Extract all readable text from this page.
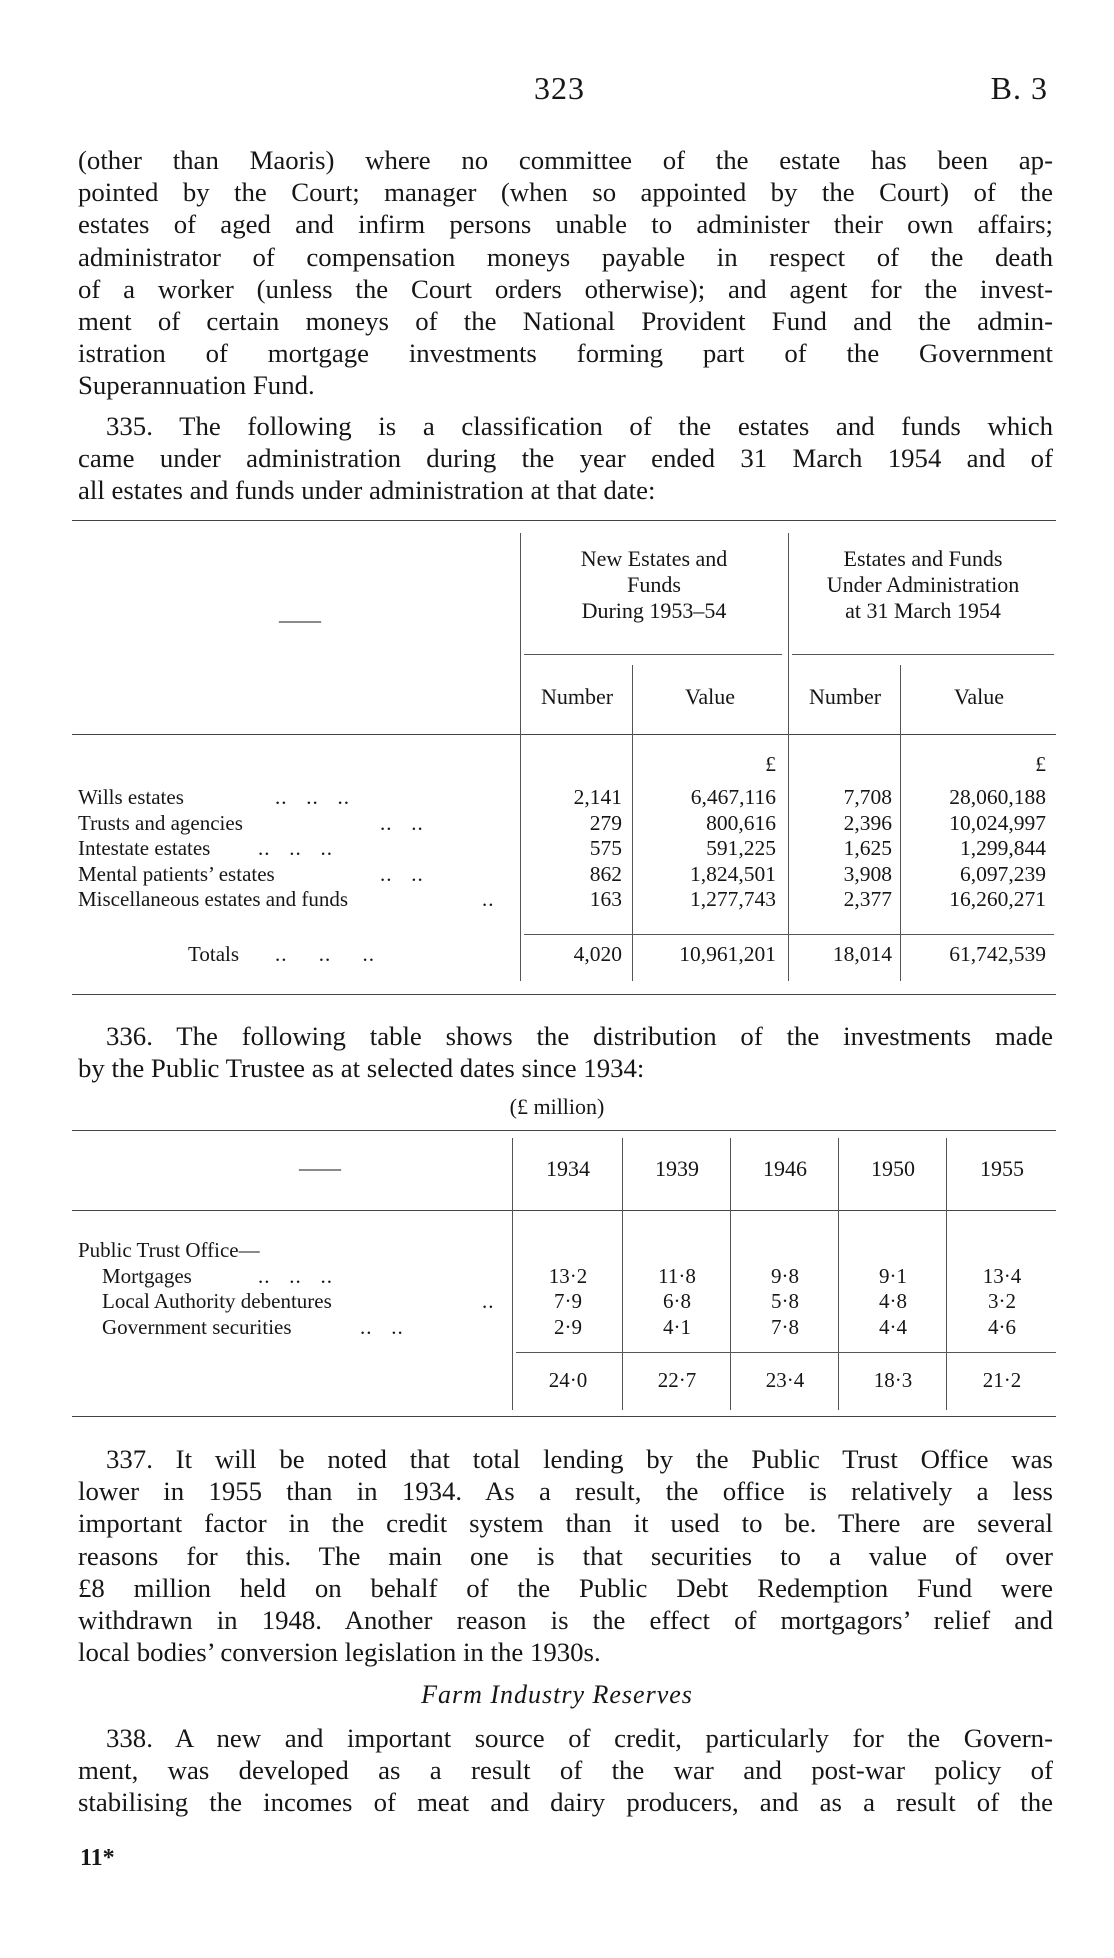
323	B. 3

(other than Maoris) where no committee of the estate has been ap-
pointed by the Court; manager (when so appointed by the Court) of the
estates of aged and infirm persons unable to administer their own affairs;
administrator of compensation moneys payable in respect of the death
of a worker (unless the Court orders otherwise); and agent for the invest-
ment of certain moneys of the National Provident Fund and the admin-
istration of mortgage investments forming part of the Government

Superannuation Fund.

335. The following is a classification of the estates and funds which
came under administration during the year ended 31 March 1954 and of

all estates and funds under administration at that date:

——
New Estates and
Funds
During 1953–54
Estates and Funds
Under Administration
at 31 March 1954
Number	Value	Number	Value
£	£
Wills estates	..   ..   ..	2,141	6,467,116	7,708	28,060,188
Trusts and agencies	..   ..	279	800,616	2,396	10,024,997
Intestate estates ..   ..   ..	575	591,225	1,625	1,299,844
Mental patients’ estates	..   ..	862	1,824,501	3,908	6,097,239
Miscellaneous estates and funds	..	163	1,277,743	2,377	16,260,271
Totals ..     ..     ..	4,020	10,961,201	18,014	61,742,539

336. The following table shows the distribution of the investments made

by the Public Trustee as at selected dates since 1934:

(£ million)
——	1934	1939	1946	1950	1955
Public Trust Office—
Mortgages	..   ..   ..	13·2	11·8	9·8	9·1	13·4
Local Authority debentures	..	7·9	6·8	5·8	4·8	3·2
Government securities	..   ..	2·9	4·1	7·8	4·4	4·6
24·0	22·7	23·4	18·3	21·2

337. It will be noted that total lending by the Public Trust Office was
lower in 1955 than in 1934. As a result, the office is relatively a less
important factor in the credit system than it used to be. There are several
reasons for this. The main one is that securities to a value of over
£8 million held on behalf of the Public Debt Redemption Fund were
withdrawn in 1948. Another reason is the effect of mortgagors’ relief and

local bodies’ conversion legislation in the 1930s.

Farm Industry Reserves

338. A new and important source of credit, particularly for the Govern-
ment, was developed as a result of the war and post-war policy of
stabilising the incomes of meat and dairy producers, and as a result of the

11*
